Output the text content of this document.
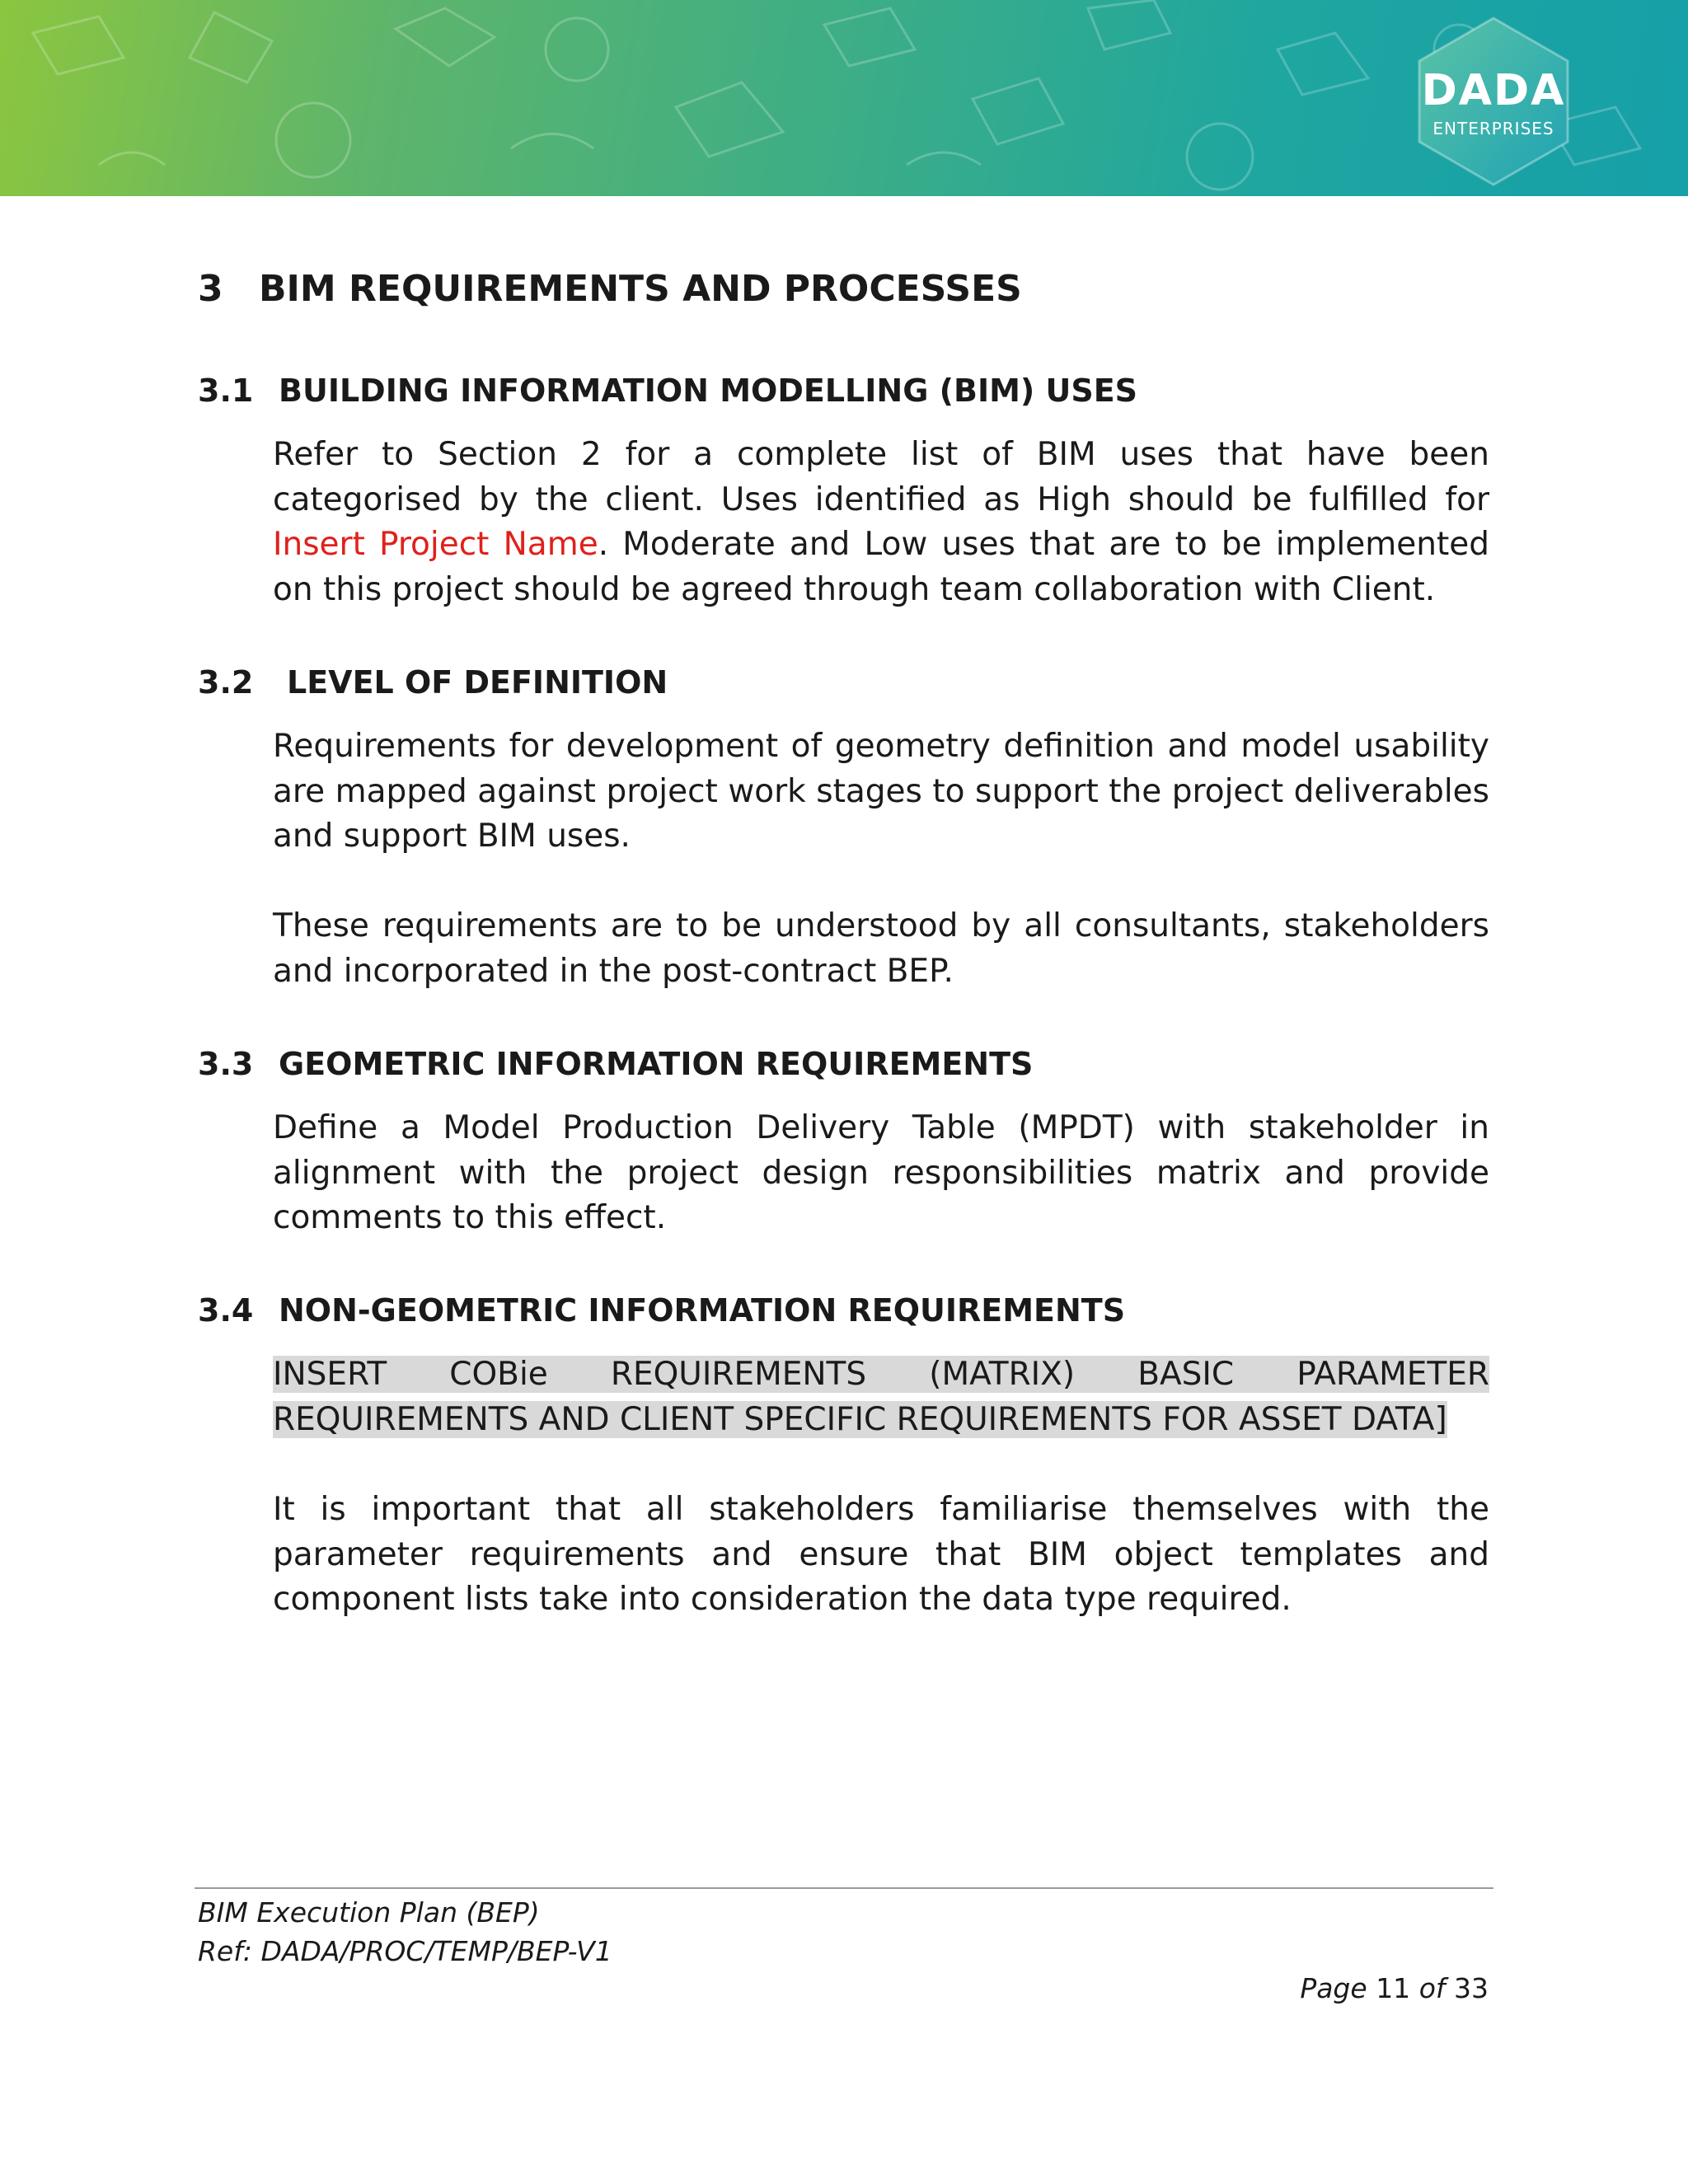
DADA
ENTERPRISES
3 BIM REQUIREMENTS AND PROCESSES
3.1 BUILDING INFORMATION MODELLING (BIM) USES

Refer to Section 2 for a complete list of BIM uses that have been categorised by the client. Uses identified as High should be fulfilled for Insert Project Name. Moderate and Low uses that are to be implemented on this project should be agreed through team collaboration with Client.

3.2 LEVEL OF DEFINITION

Requirements for development of geometry definition and model usability are mapped against project work stages to support the project deliverables and support BIM uses.

These requirements are to be understood by all consultants, stakeholders and incorporated in the post-contract BEP.

3.3 GEOMETRIC INFORMATION REQUIREMENTS

Define a Model Production Delivery Table (MPDT) with stakeholder in alignment with the project design responsibilities matrix and provide comments to this effect.

3.4 NON-GEOMETRIC INFORMATION REQUIREMENTS

INSERT COBie REQUIREMENTS (MATRIX) BASIC PARAMETER REQUIREMENTS AND CLIENT SPECIFIC REQUIREMENTS FOR ASSET DATA]

It is important that all stakeholders familiarise themselves with the parameter requirements and ensure that BIM object templates and component lists take into consideration the data type required.

BIM Execution Plan (BEP)
Ref: DADA/PROC/TEMP/BEP-V1
Page 11 of 33
